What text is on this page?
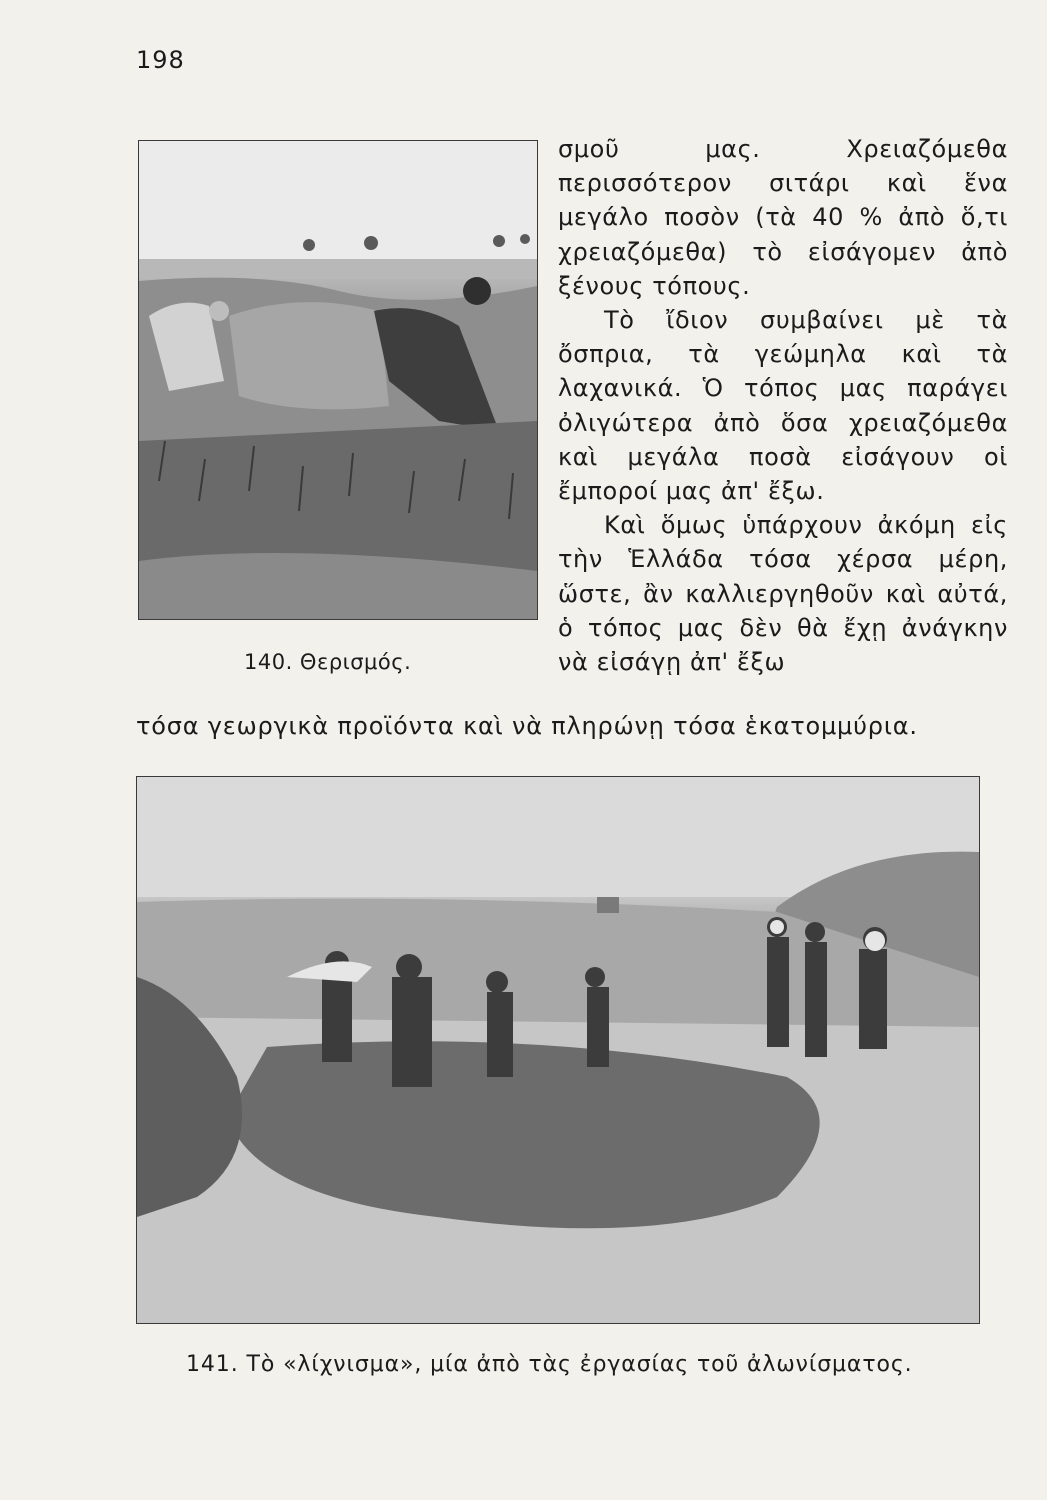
198
140. Θερισμός.

σμοῦ μας. Χρειαζόμεθα περισσότερον σιτάρι καὶ ἕνα μεγάλο ποσὸν (τὰ 40 % ἀπὸ ὅ,τι χρειαζόμεθα) τὸ εἰσάγομεν ἀπὸ ξένους τόπους.

Τὸ ἴδιον συμβαίνει μὲ τὰ ὄσπρια, τὰ γεώμηλα καὶ τὰ λαχανικά. Ὁ τόπος μας παράγει ὀλιγώτερα ἀπὸ ὅσα χρειαζόμεθα καὶ μεγάλα ποσὰ εἰσάγουν οἱ ἔμποροί μας ἀπ' ἔξω.

Καὶ ὅμως ὑπάρχουν ἀκόμη εἰς τὴν Ἑλλάδα τόσα χέρσα μέρη, ὥστε, ἂν καλλιεργηθοῦν καὶ αὐτά, ὁ τόπος μας δὲν θὰ ἔχῃ ἀνάγκην νὰ εἰσάγῃ ἀπ' ἔξω

τόσα γεωργικὰ προϊόντα καὶ νὰ πληρώνῃ τόσα ἑκατομμύρια.
141. Τὸ «λίχνισμα», μία ἀπὸ τὰς ἐργασίας τοῦ ἀλωνίσματος.
